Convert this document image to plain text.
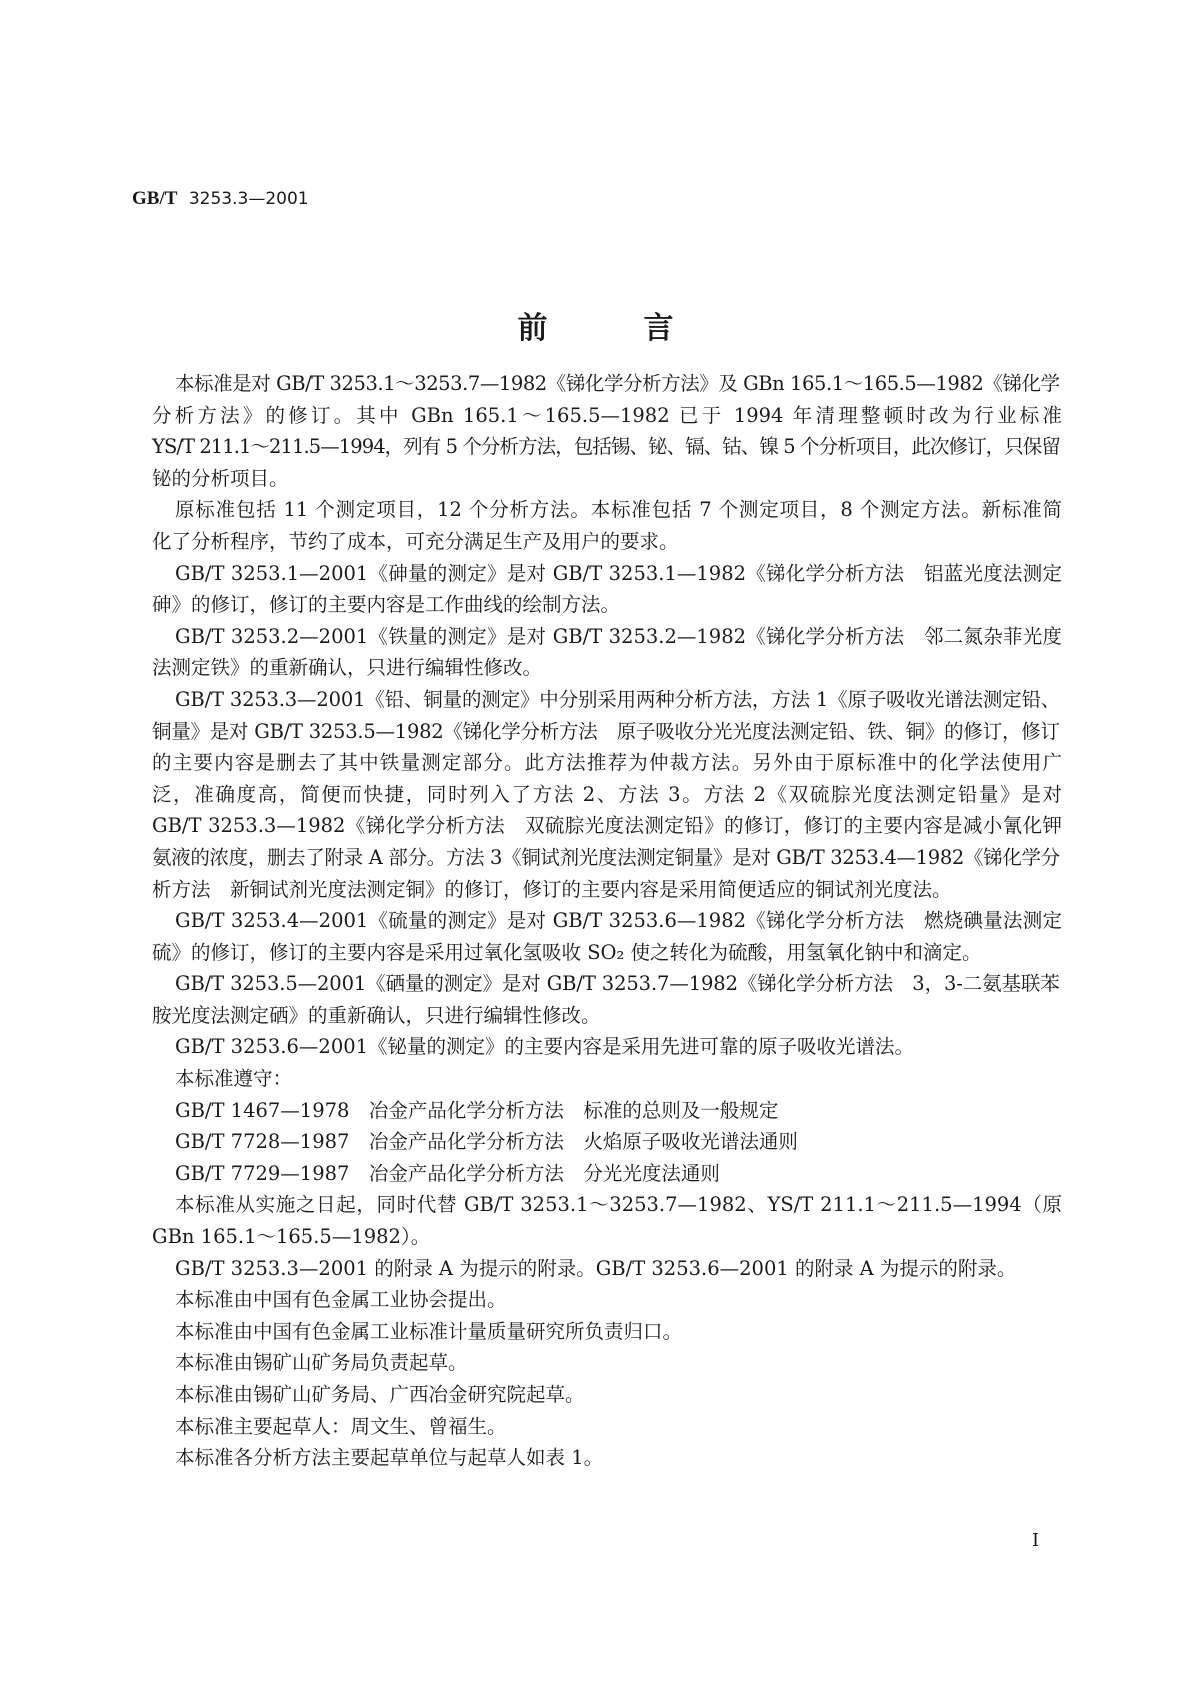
GB/T 3253.3—2001
前	言
本标准是对 GB/T 3253.1～3253.7—1982《锑化学分析方法》及 GBn 165.1～165.5—1982《锑化学
分析方法》的修订。其中 GBn 165.1～165.5—1982 已于 1994 年清理整顿时改为行业标准
YS/T 211.1～211.5—1994，列有 5 个分析方法，包括锡、铋、镉、钴、镍 5 个分析项目，此次修订，只保留
铋的分析项目。
原标准包括 11 个测定项目，12 个分析方法。本标准包括 7 个测定项目，8 个测定方法。新标准简
化了分析程序，节约了成本，可充分满足生产及用户的要求。
GB/T 3253.1—2001《砷量的测定》是对 GB/T 3253.1—1982《锑化学分析方法　铝蓝光度法测定
砷》的修订，修订的主要内容是工作曲线的绘制方法。
GB/T 3253.2—2001《铁量的测定》是对 GB/T 3253.2—1982《锑化学分析方法　邻二氮杂菲光度
法测定铁》的重新确认，只进行编辑性修改。
GB/T 3253.3—2001《铅、铜量的测定》中分别采用两种分析方法，方法 1《原子吸收光谱法测定铅、
铜量》是对 GB/T 3253.5—1982《锑化学分析方法　原子吸收分光光度法测定铅、铁、铜》的修订，修订
的主要内容是删去了其中铁量测定部分。此方法推荐为仲裁方法。另外由于原标准中的化学法使用广
泛，准确度高，简便而快捷，同时列入了方法 2、方法 3。方法 2《双硫腙光度法测定铅量》是对
GB/T 3253.3—1982《锑化学分析方法　双硫腙光度法测定铅》的修订，修订的主要内容是减小氰化钾
氨液的浓度，删去了附录 A 部分。方法 3《铜试剂光度法测定铜量》是对 GB/T 3253.4—1982《锑化学分
析方法　新铜试剂光度法测定铜》的修订，修订的主要内容是采用简便适应的铜试剂光度法。
GB/T 3253.4—2001《硫量的测定》是对 GB/T 3253.6—1982《锑化学分析方法　燃烧碘量法测定
硫》的修订，修订的主要内容是采用过氧化氢吸收 SO₂ 使之转化为硫酸，用氢氧化钠中和滴定。
GB/T 3253.5—2001《硒量的测定》是对 GB/T 3253.7—1982《锑化学分析方法　3，3-二氨基联苯
胺光度法测定硒》的重新确认，只进行编辑性修改。
GB/T 3253.6—2001《铋量的测定》的主要内容是采用先进可靠的原子吸收光谱法。
本标准遵守：
GB/T 1467—1978　冶金产品化学分析方法　标准的总则及一般规定
GB/T 7728—1987　冶金产品化学分析方法　火焰原子吸收光谱法通则
GB/T 7729—1987　冶金产品化学分析方法　分光光度法通则
本标准从实施之日起，同时代替 GB/T 3253.1～3253.7—1982、YS/T 211.1～211.5—1994（原
GBn 165.1～165.5—1982）。
GB/T 3253.3—2001 的附录 A 为提示的附录。GB/T 3253.6—2001 的附录 A 为提示的附录。
本标准由中国有色金属工业协会提出。
本标准由中国有色金属工业标准计量质量研究所负责归口。
本标准由锡矿山矿务局负责起草。
本标准由锡矿山矿务局、广西冶金研究院起草。
本标准主要起草人：周文生、曾福生。
本标准各分析方法主要起草单位与起草人如表 1。
I
